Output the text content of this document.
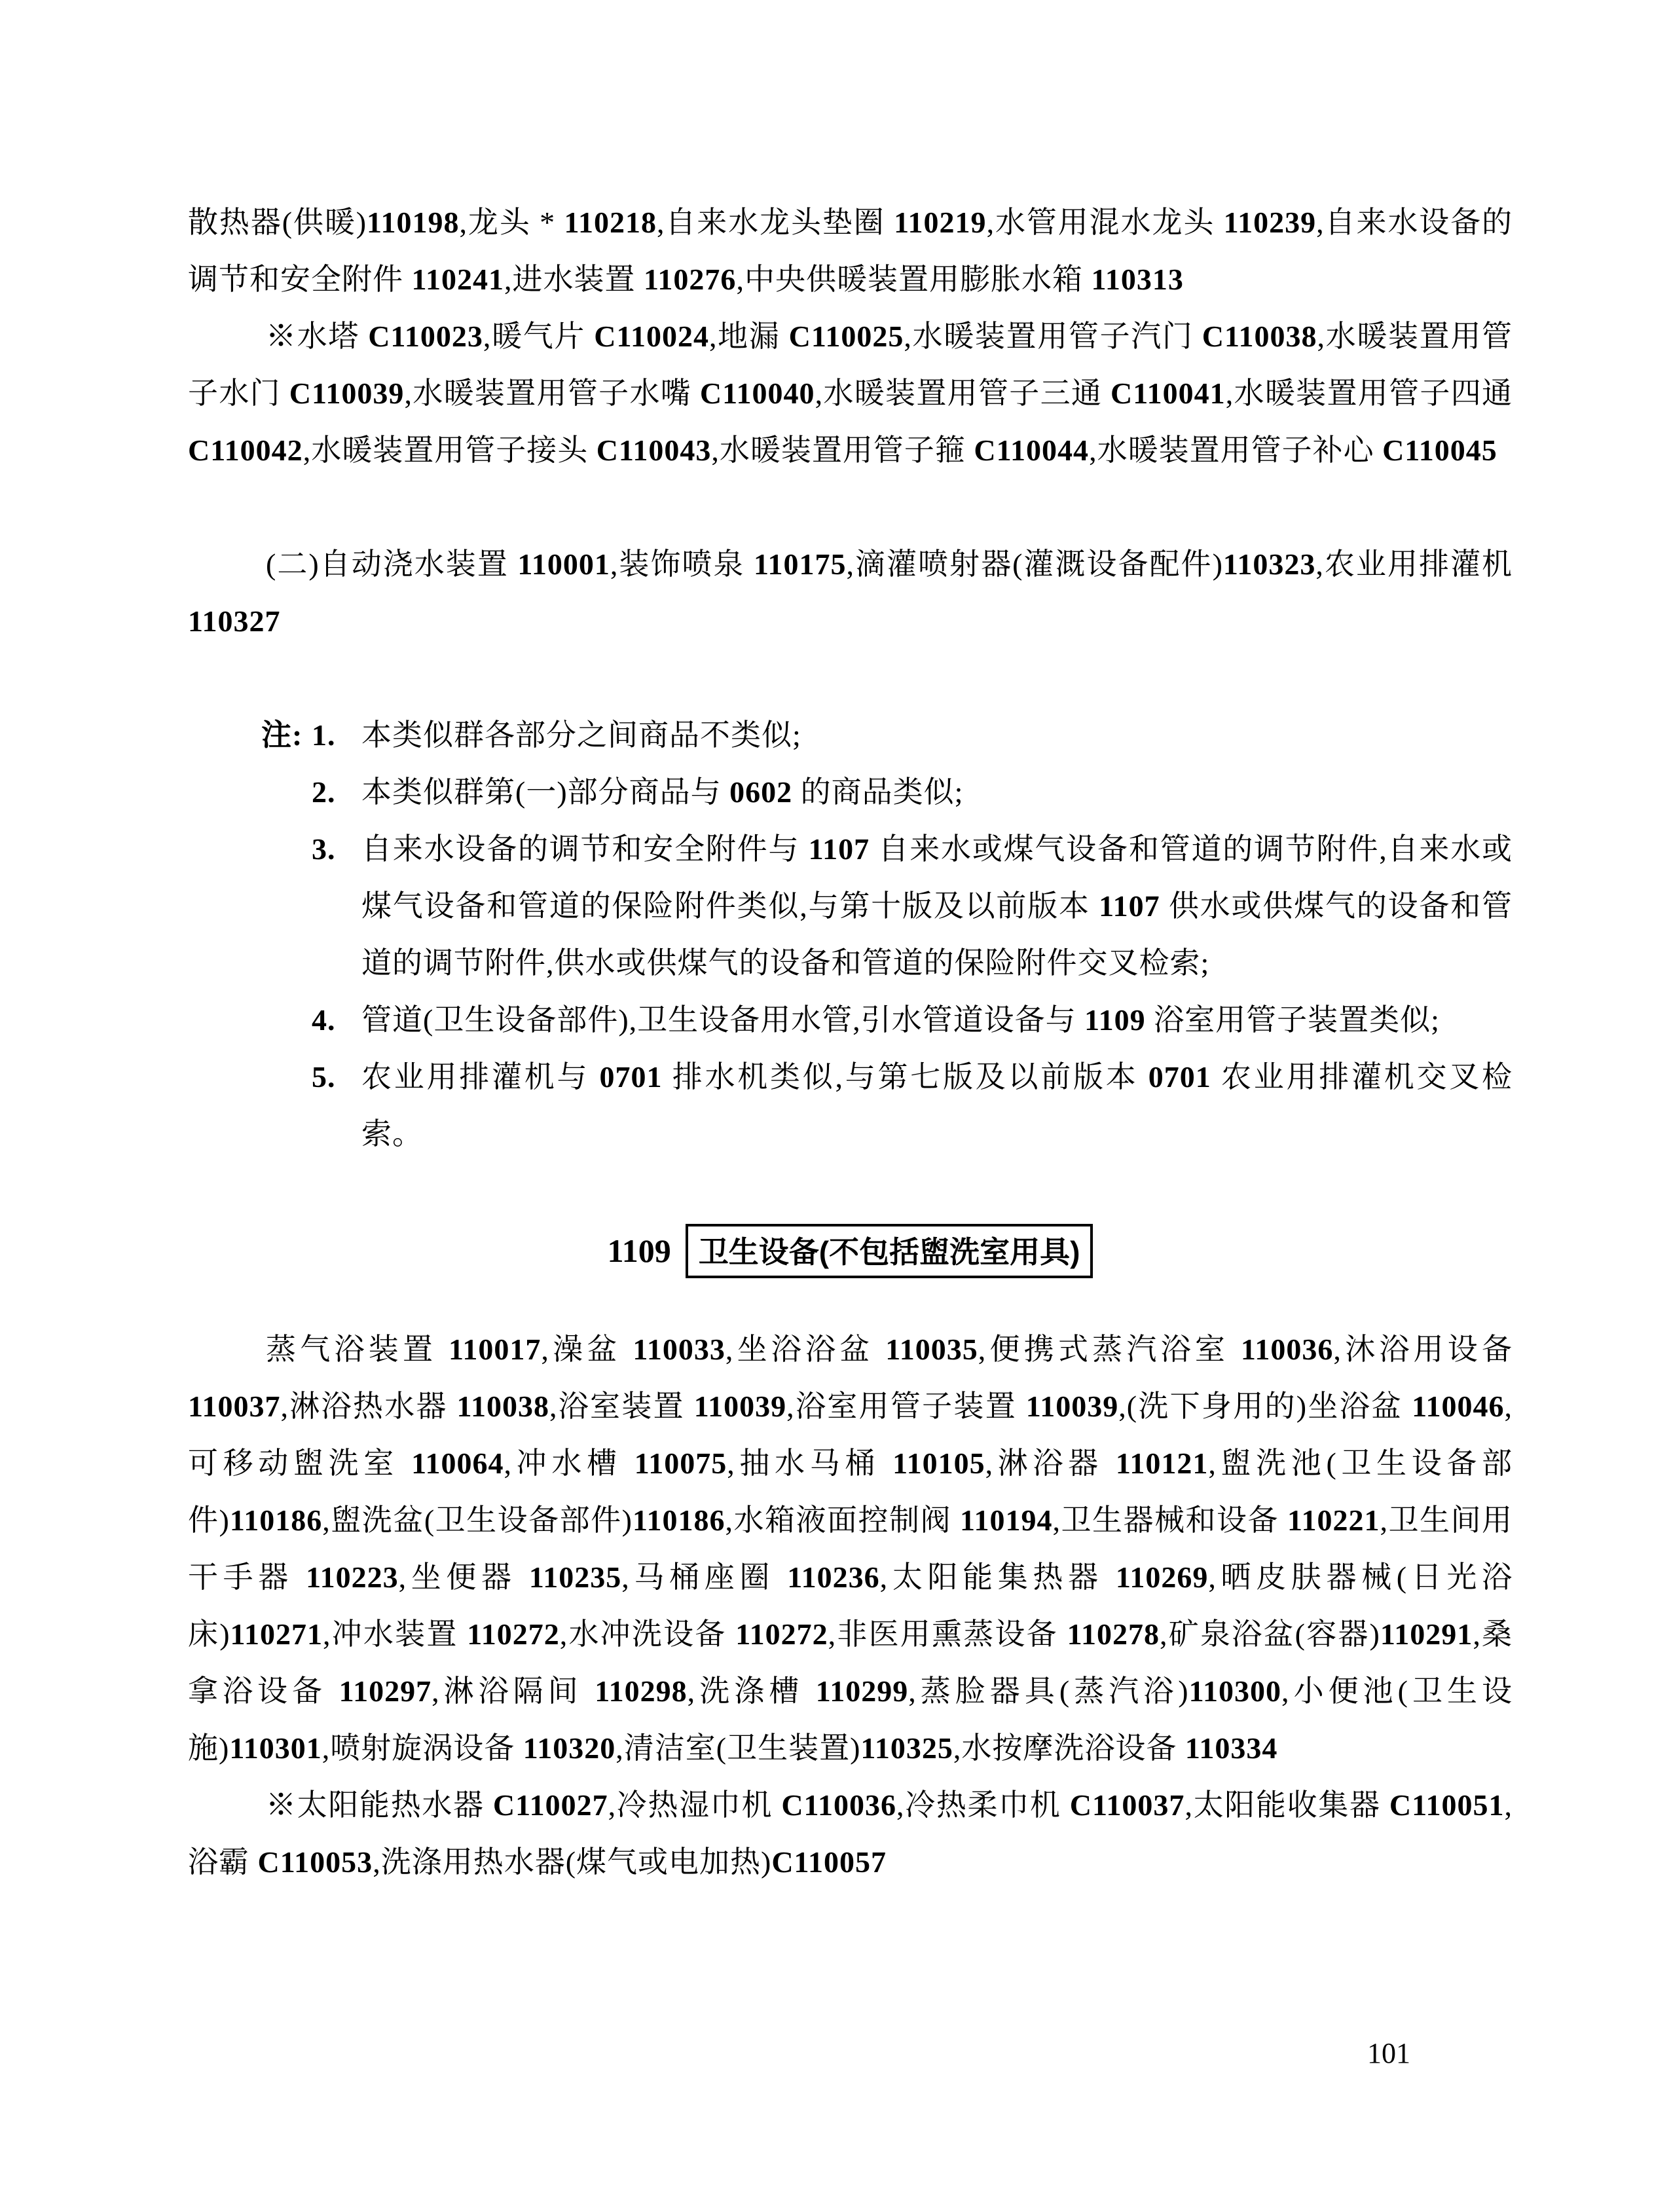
散热器(供暖)110198,龙头 * 110218,自来水龙头垫圈 110219,水管用混水龙头 110239,自来水设备的调节和安全附件 110241,进水装置 110276,中央供暖装置用膨胀水箱 110313

※水塔 C110023,暖气片 C110024,地漏 C110025,水暖装置用管子汽门 C110038,水暖装置用管子水门 C110039,水暖装置用管子水嘴 C110040,水暖装置用管子三通 C110041,水暖装置用管子四通 C110042,水暖装置用管子接头 C110043,水暖装置用管子箍 C110044,水暖装置用管子补心 C110045

(二)自动浇水装置 110001,装饰喷泉 110175,滴灌喷射器(灌溉设备配件)110323,农业用排灌机 110327

注: 1. 本类似群各部分之间商品不类似;
2. 本类似群第(一)部分商品与 0602 的商品类似;
3. 自来水设备的调节和安全附件与 1107 自来水或煤气设备和管道的调节附件,自来水或煤气设备和管道的保险附件类似,与第十版及以前版本 1107 供水或供煤气的设备和管道的调节附件,供水或供煤气的设备和管道的保险附件交叉检索;
4. 管道(卫生设备部件),卫生设备用水管,引水管道设备与 1109 浴室用管子装置类似;
5. 农业用排灌机与 0701 排水机类似,与第七版及以前版本 0701 农业用排灌机交叉检索。
1109 卫生设备(不包括盥洗室用具)

蒸气浴装置 110017,澡盆 110033,坐浴浴盆 110035,便携式蒸汽浴室 110036,沐浴用设备 110037,淋浴热水器 110038,浴室装置 110039,浴室用管子装置 110039,(洗下身用的)坐浴盆 110046,可移动盥洗室 110064,冲水槽 110075,抽水马桶 110105,淋浴器 110121,盥洗池(卫生设备部件)110186,盥洗盆(卫生设备部件)110186,水箱液面控制阀 110194,卫生器械和设备 110221,卫生间用干手器 110223,坐便器 110235,马桶座圈 110236,太阳能集热器 110269,晒皮肤器械(日光浴床)110271,冲水装置 110272,水冲洗设备 110272,非医用熏蒸设备 110278,矿泉浴盆(容器)110291,桑拿浴设备 110297,淋浴隔间 110298,洗涤槽 110299,蒸脸器具(蒸汽浴)110300,小便池(卫生设施)110301,喷射旋涡设备 110320,清洁室(卫生装置)110325,水按摩洗浴设备 110334

※太阳能热水器 C110027,冷热湿巾机 C110036,冷热柔巾机 C110037,太阳能收集器 C110051,浴霸 C110053,洗涤用热水器(煤气或电加热)C110057

101
